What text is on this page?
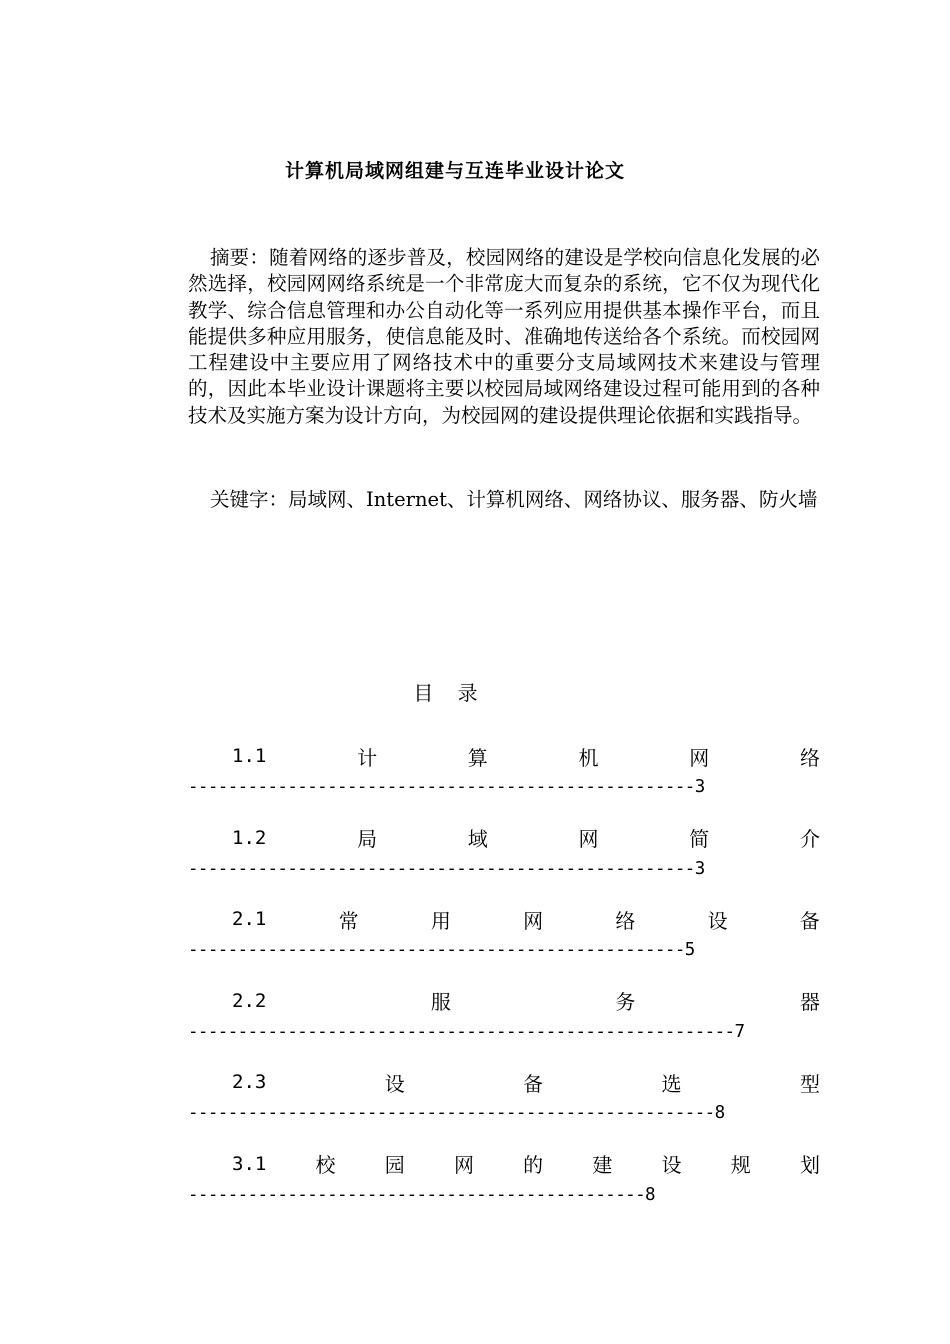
计算机局域网组建与互连毕业设计论文
摘要：随着网络的逐步普及，校园网络的建设是学校向信息化发展的必然选择，校园网网络系统是一个非常庞大而复杂的系统，它不仅为现代化教学、综合信息管理和办公自动化等一系列应用提供基本操作平台，而且能提供多种应用服务，使信息能及时、准确地传送给各个系统。而校园网工程建设中主要应用了网络技术中的重要分支局域网技术来建设与管理的，因此本毕业设计课题将主要以校园局域网络建设过程可能用到的各种技术及实施方案为设计方向，为校园网的建设提供理论依据和实践指导。
关键字：局域网、Internet、计算机网络、网络协议、服务器、防火墙
目 录
1.1	计	算	机	网	络
---------------------------------------------------3
1.2	局	域	网	简	介
---------------------------------------------------3
2.1	常	用	网	络	设	备
--------------------------------------------------5
2.2	服	务	器
-------------------------------------------------------7
2.3	设	备	选	型
-----------------------------------------------------8
3.1 校 园 网 的 建 设 规 划
----------------------------------------------8
